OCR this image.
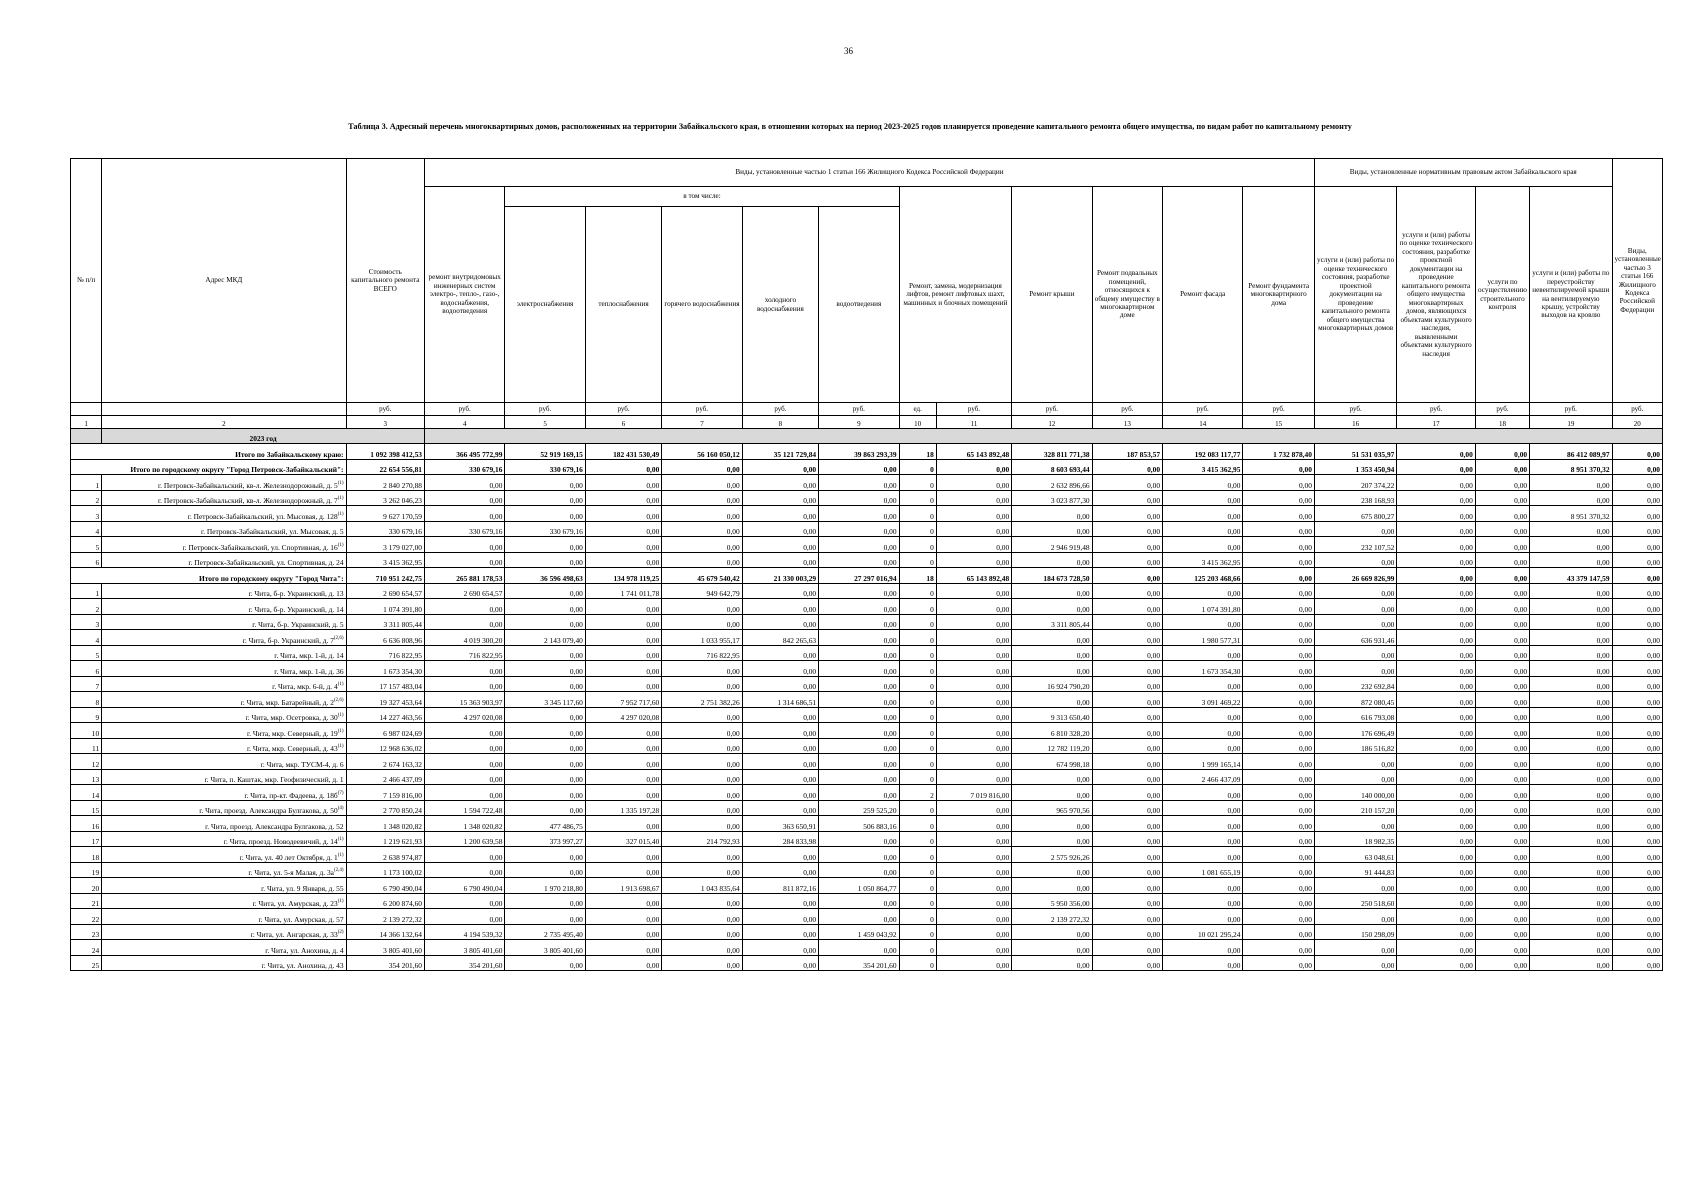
36
Таблица 3. Адресный перечень многоквартирных домов, расположенных на территории Забайкальского края, в отношении которых на период 2023-2025 годов планируется проведение капитального ремонта общего имущества, по видам работ по капитальному ремонту
№ п/п	Адрес МКД	Стоимость капитального ремонта ВСЕГО	Виды, установленные частью 1 статьи 166 Жилищного Кодекса Российской Федерации												Виды, установленные нормативным правовым актом Забайкальского края				Виды, установленные частью 3 статьи 166 Жилищного Кодекса Российской Федерации
			ремонт внутридомовых инженерных систем электро-, тепло-, газо-, водоснабжения, водоотведения	в том числе:					Ремонт, замена, модернизация лифтов, ремонт лифтовых шахт, машинных и блочных помещений		Ремонт крыши	Ремонт подвальных помещений, относящихся к общему имуществу в многоквартирном доме	Ремонт фасада	Ремонт фундамента многоквартирного дома	услуги и (или) работы по оценке технического состояния, разработке проектной документации на проведение капитального ремонта общего имущества многоквартирных домов	услуги и (или) работы по оценке технического состояния, разработке проектной документации на проведение капитального ремонта общего имущества многоквартирных домов, являющихся объектами культурного наследия, выявленными объектами культурного наследия	услуги по осуществлению строительного контроля	услуги и (или) работы по переустройству невентилируемой крыши на вентилируемую крышу, устройству выходов на кровлю	
				электроснабжения	теплоснабжения	горячего водоснабжения	холодного водоснабжения	водоотведения											
		руб.	руб.	руб.	руб.	руб.	руб.	руб.	ед.	руб.	руб.	руб.	руб.	руб.	руб.	руб.	руб.	руб.	руб.
1	2	3	4	5	6	7	8	9	10	11	12	13	14	15	16	17	18	19	20
	2023 год																		
Итого по Забайкальскому краю:		1 092 398 412,53	366 495 772,99	52 919 169,15	182 431 530,49	56 160 050,12	35 121 729,84	39 863 293,39	18	65 143 892,48	328 811 771,38	187 853,57	192 083 117,77	1 732 878,40	51 531 035,97	0,00	0,00	86 412 089,97	0,00
Итого по городскому округу "Город Петровск-Забайкальский":		22 654 556,81	330 679,16	330 679,16	0,00	0,00	0,00	0,00	0	0,00	8 603 693,44	0,00	3 415 362,95	0,00	1 353 450,94	0,00	0,00	8 951 370,32	0,00
1	г. Петровск-Забайкальский, кв-л. Железнодорожный, д. 5$^{(1)}$	2 840 270,88	0,00	0,00	0,00	0,00	0,00	0,00	0	0,00	2 632 896,66	0,00	0,00	0,00	207 374,22	0,00	0,00	0,00	0,00
2	г. Петровск-Забайкальский, кв-л. Железнодорожный, д. 7$^{(1)}$	3 262 046,23	0,00	0,00	0,00	0,00	0,00	0,00	0	0,00	3 023 877,30	0,00	0,00	0,00	238 168,93	0,00	0,00	0,00	0,00
3	г. Петровск-Забайкальский, ул. Мысовая, д. 128$^{(1)}$	9 627 170,59	0,00	0,00	0,00	0,00	0,00	0,00	0	0,00	0,00	0,00	0,00	0,00	675 800,27	0,00	0,00	8 951 370,32	0,00
4	г. Петровск-Забайкальский, ул. Мысовая, д. 5	330 679,16	330 679,16	330 679,16	0,00	0,00	0,00	0,00	0	0,00	0,00	0,00	0,00	0,00	0,00	0,00	0,00	0,00	0,00
5	г. Петровск-Забайкальский, ул. Спортивная, д. 16$^{(1)}$	3 179 027,00	0,00	0,00	0,00	0,00	0,00	0,00	0	0,00	2 946 919,48	0,00	0,00	0,00	232 107,52	0,00	0,00	0,00	0,00
6	г. Петровск-Забайкальский, ул. Спортивная, д. 24	3 415 362,95	0,00	0,00	0,00	0,00	0,00	0,00	0	0,00	0,00	0,00	3 415 362,95	0,00	0,00	0,00	0,00	0,00	0,00
Итого по городскому округу "Город Чита":		710 951 242,75	265 881 178,53	36 596 498,63	134 978 119,25	45 679 540,42	21 330 003,29	27 297 016,94	18	65 143 892,48	184 673 728,50	0,00	125 203 468,66	0,00	26 669 826,99	0,00	0,00	43 379 147,59	0,00
1	г. Чита, б-р. Украинский, д. 13	2 690 654,57	2 690 654,57	0,00	1 741 011,78	949 642,79	0,00	0,00	0	0,00	0,00	0,00	0,00	0,00	0,00	0,00	0,00	0,00	0,00
2	г. Чита, б-р. Украинский, д. 14	1 074 391,80	0,00	0,00	0,00	0,00	0,00	0,00	0	0,00	0,00	0,00	1 074 391,80	0,00	0,00	0,00	0,00	0,00	0,00
3	г. Чита, б-р. Украинский, д. 5	3 311 805,44	0,00	0,00	0,00	0,00	0,00	0,00	0	0,00	3 311 805,44	0,00	0,00	0,00	0,00	0,00	0,00	0,00	0,00
4	г. Чита, б-р. Украинский, д. 7$^{(2,6)}$	6 636 808,96	4 019 300,20	2 143 079,40	0,00	1 033 955,17	842 265,63	0,00	0	0,00	0,00	0,00	1 980 577,31	0,00	636 931,46	0,00	0,00	0,00	0,00
5	г. Чита, мкр. 1-й, д. 14	716 822,95	716 822,95	0,00	0,00	716 822,95	0,00	0,00	0	0,00	0,00	0,00	0,00	0,00	0,00	0,00	0,00	0,00	0,00
6	г. Чита, мкр. 1-й, д. 36	1 673 354,30	0,00	0,00	0,00	0,00	0,00	0,00	0	0,00	0,00	0,00	1 673 354,30	0,00	0,00	0,00	0,00	0,00	0,00
7	г. Чита, мкр. 6-й, д. 4$^{(1)}$	17 157 483,04	0,00	0,00	0,00	0,00	0,00	0,00	0	0,00	16 924 790,20	0,00	0,00	0,00	232 692,84	0,00	0,00	0,00	0,00
8	г. Чита, мкр. Батарейный, д. 2$^{(2,6)}$	19 327 453,64	15 363 903,97	3 345 117,60	7 952 717,60	2 751 382,26	1 314 686,51	0,00	0	0,00	0,00	0,00	3 091 469,22	0,00	872 080,45	0,00	0,00	0,00	0,00
9	г. Чита, мкр. Осетровка, д. 30$^{(1)}$	14 227 463,56	4 297 020,08	0,00	4 297 020,08	0,00	0,00	0,00	0	0,00	9 313 650,40	0,00	0,00	0,00	616 793,08	0,00	0,00	0,00	0,00
10	г. Чита, мкр. Северный, д. 19$^{(1)}$	6 987 024,69	0,00	0,00	0,00	0,00	0,00	0,00	0	0,00	6 810 328,20	0,00	0,00	0,00	176 696,49	0,00	0,00	0,00	0,00
11	г. Чита, мкр. Северный, д. 43$^{(1)}$	12 968 636,02	0,00	0,00	0,00	0,00	0,00	0,00	0	0,00	12 782 119,20	0,00	0,00	0,00	186 516,82	0,00	0,00	0,00	0,00
12	г. Чита, мкр. ТУСМ-4, д. 6	2 674 163,32	0,00	0,00	0,00	0,00	0,00	0,00	0	0,00	674 998,18	0,00	1 999 165,14	0,00	0,00	0,00	0,00	0,00	0,00
13	г. Чита, п. Каштак, мкр. Геофизический, д. 1	2 466 437,09	0,00	0,00	0,00	0,00	0,00	0,00	0	0,00	0,00	0,00	2 466 437,09	0,00	0,00	0,00	0,00	0,00	0,00
14	г. Чита, пр-кт. Фадеева, д. $18б^{(7)}$	7 159 816,00	0,00	0,00	0,00	0,00	0,00	0,00	2	7 019 816,00	0,00	0,00	0,00	0,00	140 000,00	0,00	0,00	0,00	0,00
15	г. Чита, проезд. Александра Булгакова, д. 50$^{(4)}$	2 770 850,24	1 594 722,48	0,00	1 335 197,28	0,00	0,00	259 525,20	0	0,00	965 970,56	0,00	0,00	0,00	210 157,20	0,00	0,00	0,00	0,00
16	г. Чита, проезд. Александра Булгакова, д. 52	1 348 020,82	1 348 020,82	477 486,75	0,00	0,00	363 650,91	506 883,16	0	0,00	0,00	0,00	0,00	0,00	0,00	0,00	0,00	0,00	0,00
17	г. Чита, проезд. Новодеевичий, д. 14$^{(1)}$	1 219 621,93	1 200 639,58	373 997,27	327 015,40	214 792,93	284 833,98	0,00	0	0,00	0,00	0,00	0,00	0,00	18 982,35	0,00	0,00	0,00	0,00
18	г. Чита, ул. 40 лет Октября, д. 1$^{(1)}$	2 638 974,87	0,00	0,00	0,00	0,00	0,00	0,00	0	0,00	2 575 926,26	0,00	0,00	0,00	63 048,61	0,00	0,00	0,00	0,00
19	г. Чита, ул. 5-я Малая, д. $3а^{(2,4)}$	1 173 100,02	0,00	0,00	0,00	0,00	0,00	0,00	0	0,00	0,00	0,00	1 081 655,19	0,00	91 444,83	0,00	0,00	0,00	0,00
20	г. Чита, ул. 9 Января, д. 55	6 790 490,04	6 790 490,04	1 970 218,80	1 913 698,67	1 043 835,64	811 872,16	1 050 864,77	0	0,00	0,00	0,00	0,00	0,00	0,00	0,00	0,00	0,00	0,00
21	г. Чита, ул. Амурская, д. 23$^{(1)}$	6 200 874,60	0,00	0,00	0,00	0,00	0,00	0,00	0	0,00	5 950 356,00	0,00	0,00	0,00	250 518,60	0,00	0,00	0,00	0,00
22	г. Чита, ул. Амурская, д. 57	2 139 272,32	0,00	0,00	0,00	0,00	0,00	0,00	0	0,00	2 139 272,32	0,00	0,00	0,00	0,00	0,00	0,00	0,00	0,00
23	г. Чита, ул. Ангарская, д. 33$^{(2)}$	14 366 132,64	4 194 539,32	2 735 495,40	0,00	0,00	0,00	1 459 043,92	0	0,00	0,00	0,00	10 021 295,24	0,00	150 298,09	0,00	0,00	0,00	0,00
24	г. Чита, ул. Анохина, д. 4	3 805 401,60	3 805 401,60	3 805 401,60	0,00	0,00	0,00	0,00	0	0,00	0,00	0,00	0,00	0,00	0,00	0,00	0,00	0,00	0,00
25	г. Чита, ул. Анохина, д. 43	354 201,60	354 201,60	0,00	0,00	0,00	0,00	354 201,60	0	0,00	0,00	0,00	0,00	0,00	0,00	0,00	0,00	0,00	0,00
